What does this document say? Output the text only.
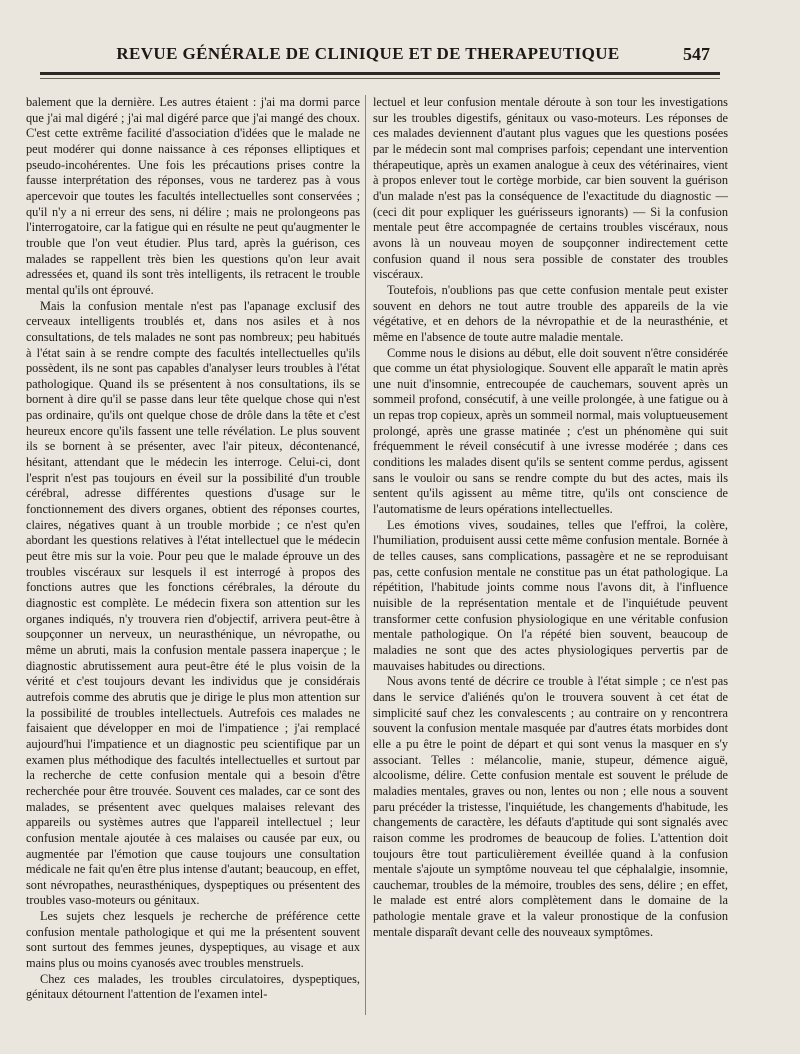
REVUE GÉNÉRALE DE CLINIQUE ET DE THERAPEUTIQUE	547

balement que la dernière. Les autres étaient : j'ai ma dormi parce que j'ai mal digéré ; j'ai mal digéré parce que j'ai mangé des choux. C'est cette extrême facilité d'association d'idées que le malade ne peut modérer qui donne naissance à ces réponses elliptiques et pseudo-incohérentes. Une fois les précautions prises contre la fausse interprétation des réponses, vous ne tarderez pas à vous apercevoir que toutes les facultés intellectuelles sont conservées ; qu'il n'y a ni erreur des sens, ni délire ; mais ne prolongeons pas l'interrogatoire, car la fatigue qui en résulte ne peut qu'augmenter le trouble que l'on veut étudier. Plus tard, après la guérison, ces malades se rappellent très bien les questions qu'on leur avait adressées et, quand ils sont très intelligents, ils retracent le trouble mental qu'ils ont éprouvé.

Mais la confusion mentale n'est pas l'apanage exclusif des cerveaux intelligents troublés et, dans nos asiles et à nos consultations, de tels malades ne sont pas nombreux; peu habitués à l'état sain à se rendre compte des facultés intellectuelles qu'ils possèdent, ils ne sont pas capables d'analyser leurs troubles à l'état pathologique. Quand ils se présentent à nos consultations, ils se bornent à dire qu'il se passe dans leur tête quelque chose qui n'est pas ordinaire, qu'ils ont quelque chose de drôle dans la tête et c'est heureux encore qu'ils fassent une telle révélation. Le plus souvent ils se bornent à se présenter, avec l'air piteux, décontenancé, hésitant, attendant que le médecin les interroge. Celui-ci, dont l'esprit n'est pas toujours en éveil sur la possibilité d'un trouble cérébral, adresse différentes questions d'usage sur le fonctionnement des divers organes, obtient des réponses courtes, claires, négatives quant à un trouble morbide ; ce n'est qu'en abordant les questions relatives à l'état intellectuel que le médecin peut être mis sur la voie. Pour peu que le malade éprouve un des troubles viscéraux sur lesquels il est interrogé à propos des fonctions autres que les fonctions cérébrales, la déroute du diagnostic est complète. Le médecin fixera son attention sur les organes indiqués, n'y trouvera rien d'objectif, arrivera peut-être à soupçonner un nerveux, un neurasthénique, un névropathe, ou même un abruti, mais la confusion mentale passera inaperçue ; le diagnostic abrutissement aura peut-être été le plus voisin de la vérité et c'est toujours devant les individus que je considérais autrefois comme des abrutis que je dirige le plus mon attention sur la possibilité de troubles intellectuels. Autrefois ces malades ne faisaient que développer en moi de l'impatience ; j'ai remplacé aujourd'hui l'impatience et un diagnostic peu scientifique par un examen plus méthodique des facultés intellectuelles et surtout par la recherche de cette confusion mentale qui a besoin d'être recherchée pour être trouvée. Souvent ces malades, car ce sont des malades, se présentent avec quelques malaises relevant des appareils ou systèmes autres que l'appareil intellectuel ; leur confusion mentale ajoutée à ces malaises ou causée par eux, ou augmentée par l'émotion que cause toujours une consultation médicale ne fait qu'en être plus intense d'autant; beaucoup, en effet, sont névropathes, neurasthéniques, dyspeptiques ou présentent des troubles vaso-moteurs ou génitaux.

Les sujets chez lesquels je recherche de préférence cette confusion mentale pathologique et qui me la présentent souvent sont surtout des femmes jeunes, dyspeptiques, au visage et aux mains plus ou moins cyanosés avec troubles menstruels.

Chez ces malades, les troubles circulatoires, dyspeptiques, génitaux détournent l'attention de l'examen intel-

lectuel et leur confusion mentale déroute à son tour les investigations sur les troubles digestifs, génitaux ou vaso-moteurs. Les réponses de ces malades deviennent d'autant plus vagues que les questions posées par le médecin sont mal comprises parfois; cependant une intervention thérapeutique, après un examen analogue à ceux des vétérinaires, vient à propos enlever tout le cortège morbide, car bien souvent la guérison d'un malade n'est pas la conséquence de l'exactitude du diagnostic — (ceci dit pour expliquer les guérisseurs ignorants) — Si la confusion mentale peut être accompagnée de certains troubles viscéraux, nous avons là un nouveau moyen de soupçonner indirectement cette confusion quand il nous sera possible de constater des troubles viscéraux.

Toutefois, n'oublions pas que cette confusion mentale peut exister souvent en dehors ne tout autre trouble des appareils de la vie végétative, et en dehors de la névropathie et de la neurasthénie, et même en l'absence de toute autre maladie mentale.

Comme nous le disions au début, elle doit souvent n'être considérée que comme un état physiologique. Souvent elle apparaît le matin après une nuit d'insomnie, entrecoupée de cauchemars, souvent après un sommeil profond, consécutif, à une veille prolongée, à une fatigue ou à un repas trop copieux, après un sommeil normal, mais voluptueusement prolongé, après une grasse matinée ; c'est un phénomène qui suit fréquemment le réveil consécutif à une ivresse modérée ; dans ces conditions les malades disent qu'ils se sentent comme perdus, agissent sans le vouloir ou sans se rendre compte du but des actes, mais ils sentent qu'ils agissent au même titre, qu'ils ont conscience de l'automatisme de leurs opérations intellectuelles.

Les émotions vives, soudaines, telles que l'effroi, la colère, l'humiliation, produisent aussi cette même confusion mentale. Bornée à de telles causes, sans complications, passagère et ne se reproduisant pas, cette confusion mentale ne constitue pas un état pathologique. La répétition, l'habitude joints comme nous l'avons dit, à l'influence nuisible de la représentation mentale et de l'inquiétude peuvent transformer cette confusion physiologique en une véritable confusion mentale pathologique. On l'a répété bien souvent, beaucoup de maladies ne sont que des actes physiologiques pervertis par de mauvaises habitudes ou directions.

Nous avons tenté de décrire ce trouble à l'état simple ; ce n'est pas dans le service d'aliénés qu'on le trouvera souvent à cet état de simplicité sauf chez les convalescents ; au contraire on y rencontrera souvent la confusion mentale masquée par d'autres états morbides dont elle a pu être le point de départ et qui sont venus la masquer en s'y associant. Telles : mélancolie, manie, stupeur, démence aiguë, alcoolisme, délire. Cette confusion mentale est souvent le prélude de maladies mentales, graves ou non, lentes ou non ; elle nous a souvent paru précéder la tristesse, l'inquiétude, les changements d'habitude, les changements de caractère, les défauts d'aptitude qui sont signalés avec raison comme les prodromes de beaucoup de folies. L'attention doit toujours être tout particulièrement éveillée quand à la confusion mentale s'ajoute un symptôme nouveau tel que céphalalgie, insomnie, cauchemar, troubles de la mémoire, troubles des sens, délire ; en effet, le malade est entré alors complètement dans le domaine de la pathologie mentale grave et la valeur pronostique de la confusion mentale disparaît devant celle des nouveaux symptômes.
